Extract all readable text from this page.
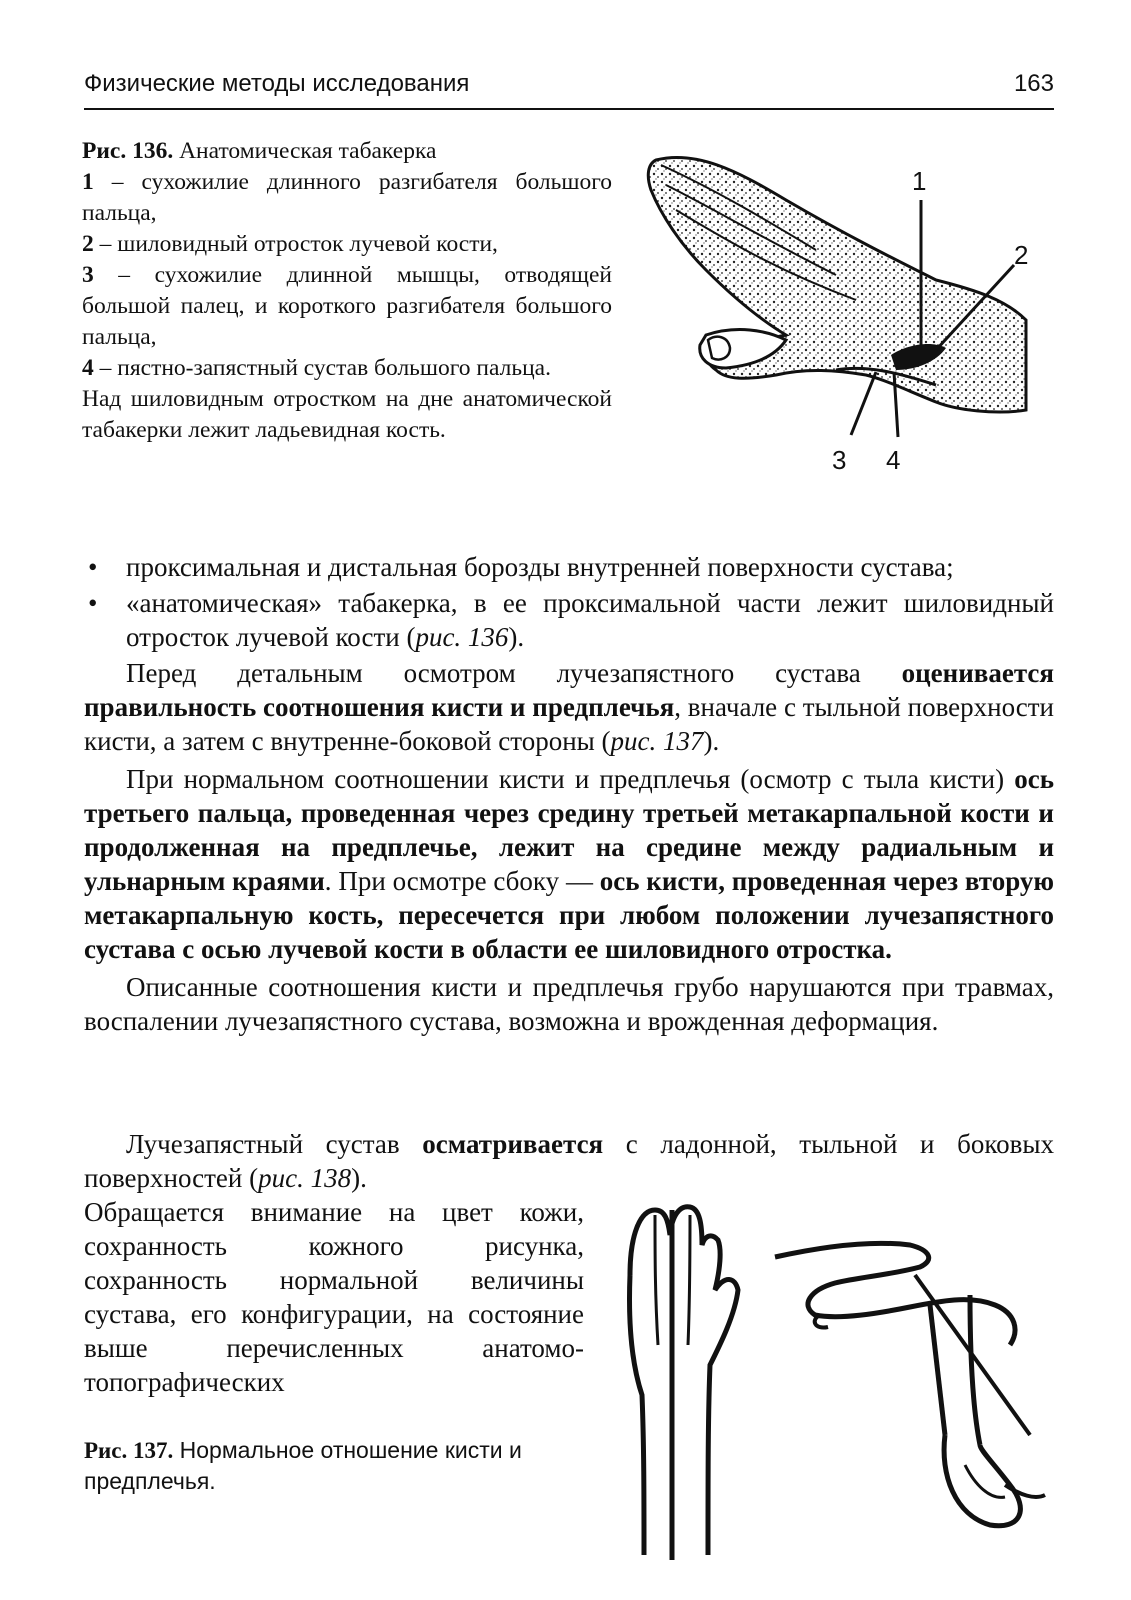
Физические методы исследования	163

Рис. 136. Анатомическая табакерка

1 – сухожилие длинного разгибателя большого пальца,

2 – шиловидный отросток лучевой кости,

3 – сухожилие длинной мышцы, отводящей большой палец, и короткого разгибателя большого пальца,

4 – пястно-запястный сустав большого пальца.

Над шиловидным отростком на дне анатомической табакерки лежит ладьевидная кость.

1
2
3 4
• проксимальная и дистальная борозды внутренней поверхности сустава;
• «анатомическая» табакерка, в ее проксимальной части лежит шиловидный отросток лучевой кости (рис. 136).

Перед детальным осмотром лучезапястного сустава оценивается правильность соотношения кисти и предплечья, вначале с тыльной поверхности кисти, а затем с внутренне-боковой стороны (рис. 137).

При нормальном соотношении кисти и предплечья (осмотр с тыла кисти) ось третьего пальца, проведенная через средину третьей метакарпальной кости и продолженная на предплечье, лежит на средине между радиальным и ульнарным краями. При осмотре сбоку — ось кисти, проведенная через вторую метакарпальную кость, пересечется при любом положении лучезапястного сустава с осью лучевой кости в области ее шиловидного отростка.

Описанные соотношения кисти и предплечья грубо нарушаются при травмах, воспалении лучезапястного сустава, возможна и врожденная деформация.

Лучезапястный сустав осматривается с ладонной, тыльной и боковых поверхностей (рис. 138).

Обращается внимание на цвет кожи, сохранность кожного рисунка, сохранность нормальной величины сустава, его конфигурации, на состояние выше перечисленных анатомо-топографических

Рис. 137. Нормальное отношение кисти и предплечья.
